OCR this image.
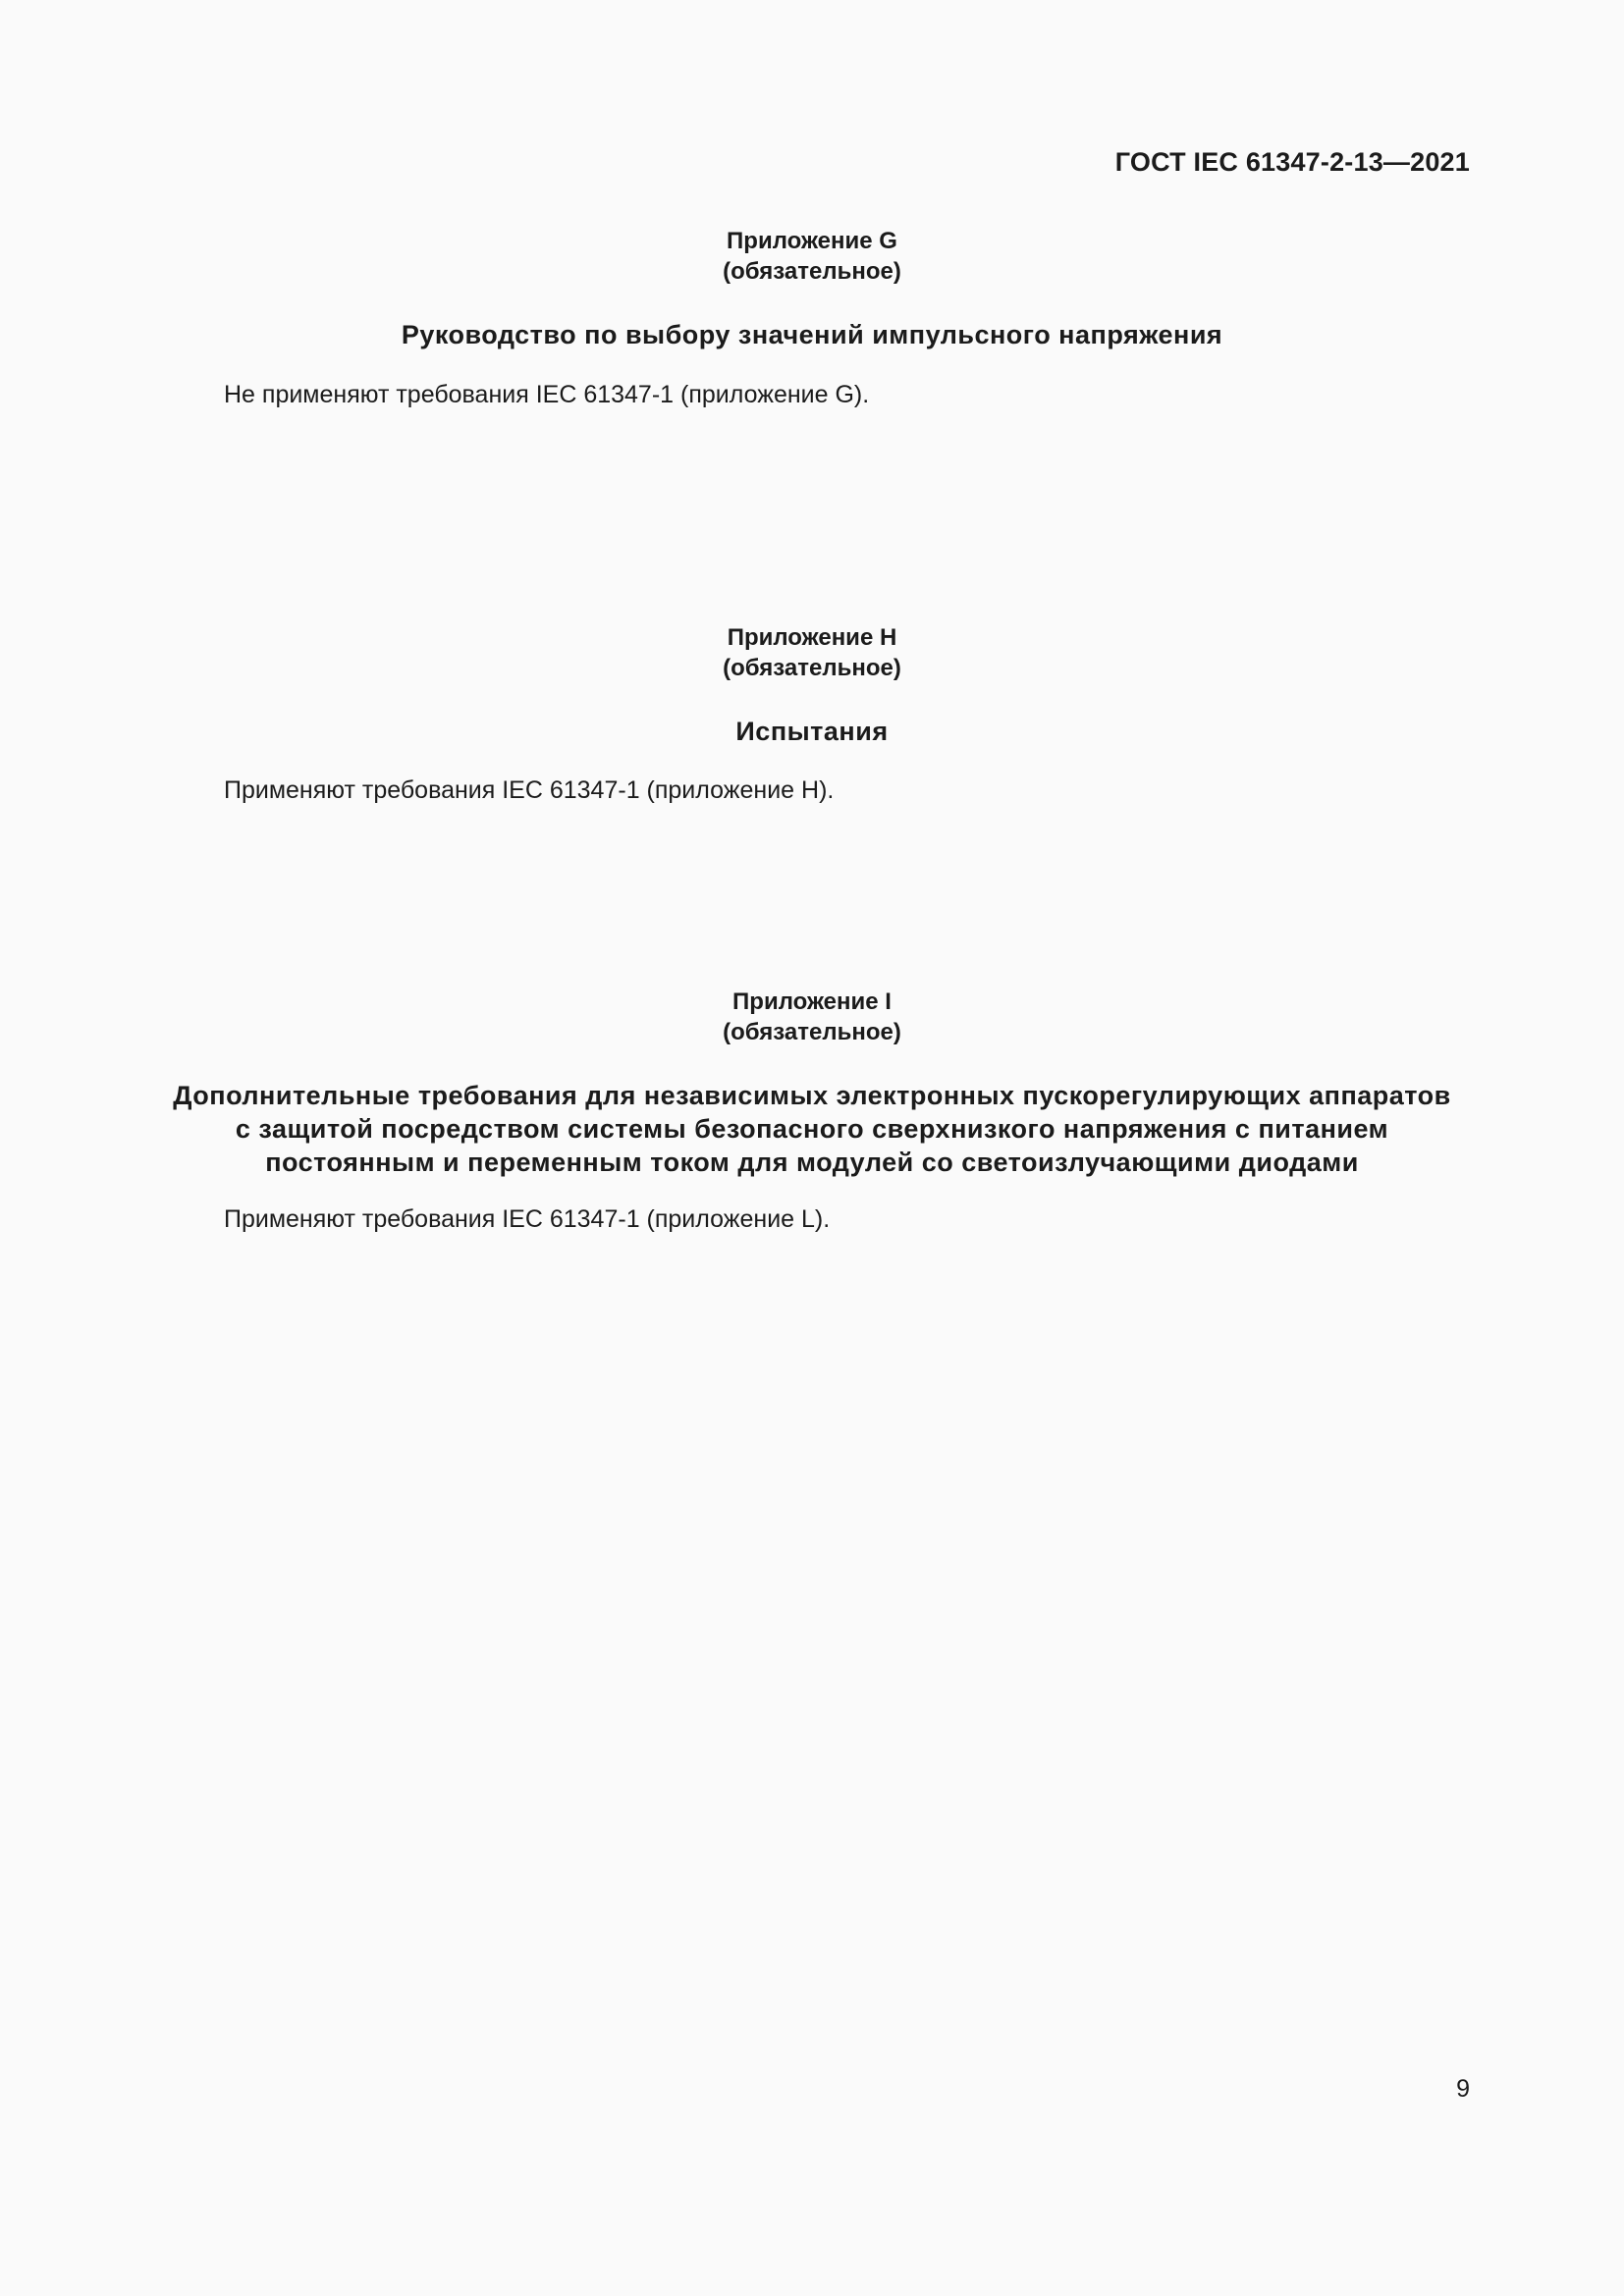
ГОСТ IEC 61347-2-13—2021
Приложение G
(обязательное)
Руководство по выбору значений импульсного напряжения
Не применяют требования IEC 61347-1 (приложение G).
Приложение H
(обязательное)
Испытания
Применяют требования IEC 61347-1 (приложение H).
Приложение I
(обязательное)
Дополнительные требования для независимых электронных пускорегулирующих аппаратов
с защитой посредством системы безопасного сверхнизкого напряжения с питанием
постоянным и переменным током для модулей со светоизлучающими диодами
Применяют требования IEC 61347-1 (приложение L).
9
